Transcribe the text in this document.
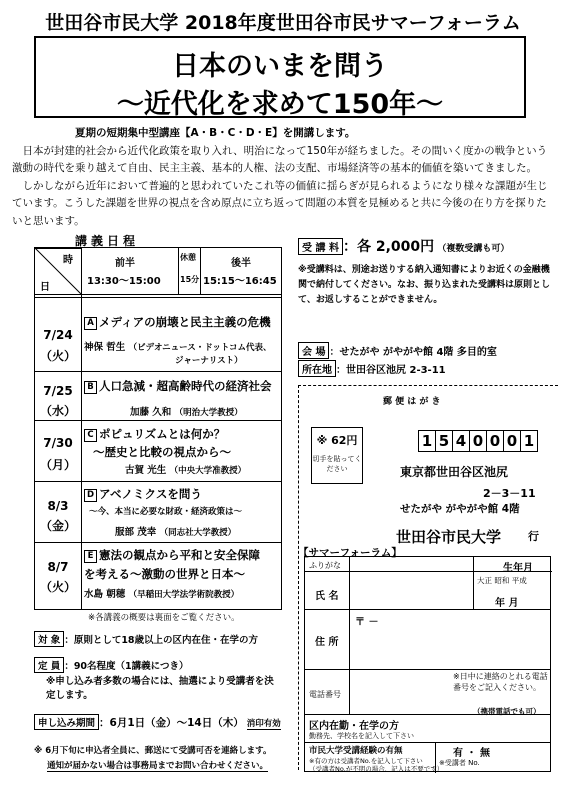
世田谷市民大学 2018年度世田谷市民サマーフォーラム
日本のいまを問う
～近代化を求めて150年～

夏期の短期集中型講座【A・B・C・D・E】を開講します。

日本が封建的社会から近代化政策を取り入れ、明治になって150年が経ちました。その間いく度かの戦争という激動の時代を乗り越えて自由、民主主義、基本的人権、法の支配、市場経済等の基本的価値を築いてきました。

しかしながら近年において普遍的と思われていたこれ等の価値に揺らぎが見られるようになり様々な課題が生じています。こうした課題を世界の視点を含め原点に立ち返って問題の本質を見極めると共に今後の在り方を探りたいと思います。

講義日程
時
日
前半
13:30～15:00
休憩
15分
後半
15:15～16:45
7/24
（火）
A メディアの崩壊と民主主義の危機
神保 哲生 （ビデオニュース・ドットコム代表、
ジャーナリスト）
7/25
（水）
B 人口急減・超高齢時代の経済社会
加藤 久和 （明治大学教授）
7/30
（月）
C ポピュリズムとは何か？
～歴史と比較の視点から～
古賀 光生 （中央大学准教授）
8/3
（金）
D アベノミクスを問う
～今、本当に必要な財政・経済政策は～
服部 茂幸 （同志社大学教授）
8/7
（火）
E 憲法の観点から平和と安全保障
を考える～激動の世界と日本～
水島 朝穂 （早稲田大学法学術院教授）
※各講義の概要は裏面をご覧ください。
対 象 ：原則として18歳以上の区内在住・在学の方
定 員 ：90名程度（1講義につき）
※申し込み者多数の場合には、抽選により受講者を決定します。
申し込み期間 ：6月1日（金）～14日（木） 消印有効
※ 6月下旬に申込者全員に、郵送にて受講可否を連絡します。
通知が届かない場合は事務局までお問い合わせください。
受 講 料 ：各 2,000円 （複数受講も可）
※受講料は、別途お送りする納入通知書によりお近くの金融機関で納付してください。なお、振り込まれた受講料は原則として、お返しすることができません。
会 場 ：せたがや がやがや館 4階 多目的室
所在地 ：世田谷区池尻 2-3-11
郵 便 は が き
※ 62円
切手を貼ってください
1 5 4 0 0 0 1
東京都世田谷区池尻
2－3－11
せたがや がやがや館 4階
世田谷市民大学 行
【サマーフォーラム】
ふりがな
氏 名
生年月
大正 昭和 平成
年 月
住 所
〒 －
電話番号
※日中に連絡のとれる電話番号をご記入ください。
（携帯電話でも可）
区内在勤・在学の方
勤務先、学校名を記入して下さい
市民大学受講経験の有無	有 ・ 無
※有の方は受講者No.を記入して下さい
（受講者No.が不明の場合、記入は不要です）
※受講者 No.
